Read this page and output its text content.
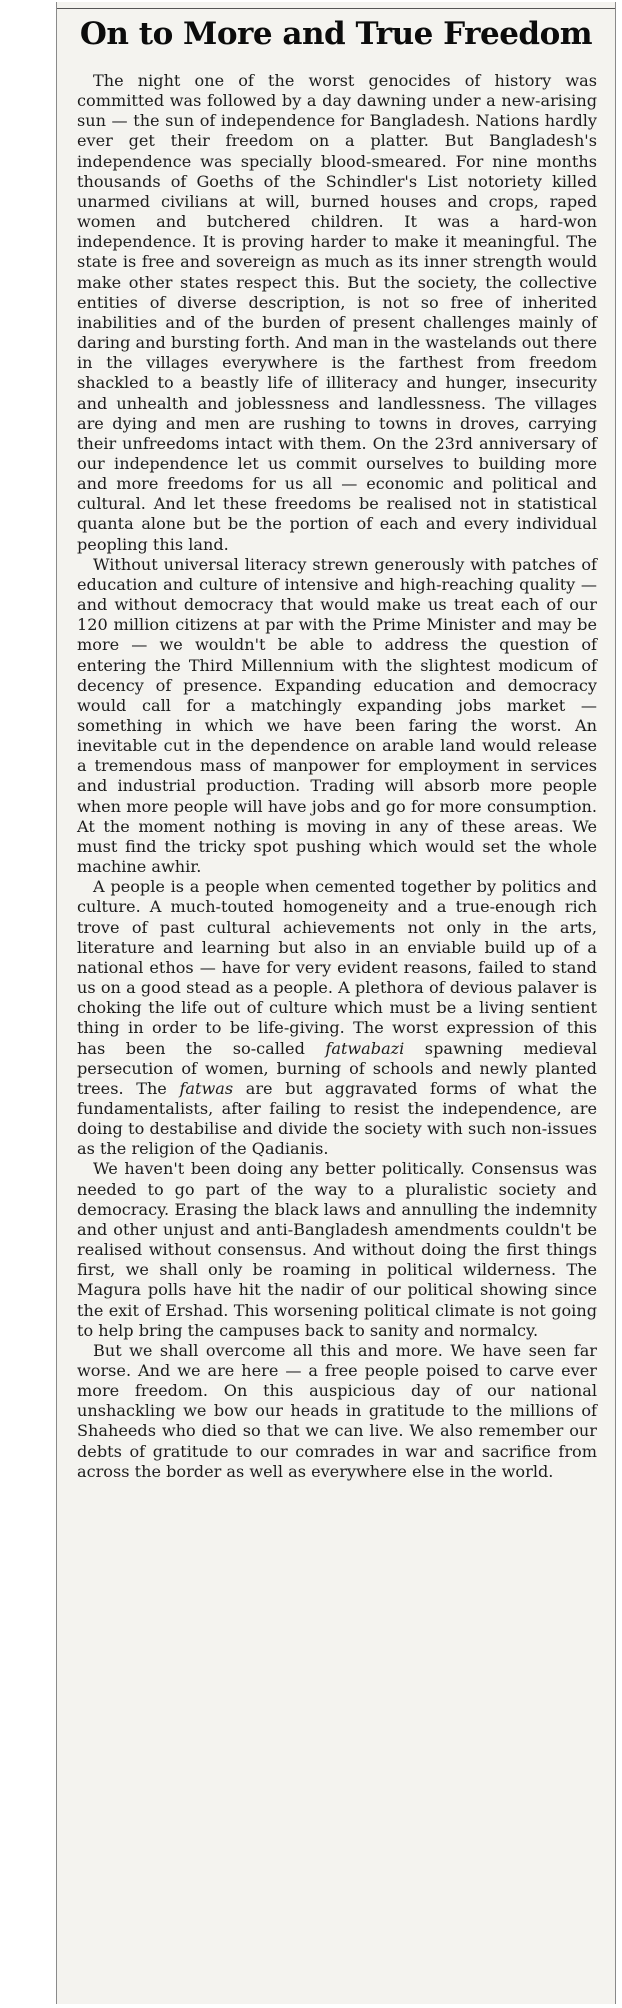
On to More and True Freedom

The night one of the worst genocides of history was committed was followed by a day dawning under a new-arising sun — the sun of independence for Bangladesh. Nations hardly ever get their freedom on a platter. But Bangladesh's independence was specially blood-smeared. For nine months thousands of Goeths of the Schindler's List notoriety killed unarmed civilians at will, burned houses and crops, raped women and butchered children. It was a hard-won independence. It is proving harder to make it meaningful. The state is free and sovereign as much as its inner strength would make other states respect this. But the society, the collective entities of diverse description, is not so free of inherited inabilities and of the burden of present challenges mainly of daring and bursting forth. And man in the wastelands out there in the villages everywhere is the farthest from freedom shackled to a beastly life of illiteracy and hunger, insecurity and unhealth and joblessness and landlessness. The villages are dying and men are rushing to towns in droves, carrying their unfreedoms intact with them. On the 23rd anniversary of our independence let us commit ourselves to building more and more freedoms for us all — economic and political and cultural. And let these freedoms be realised not in statistical quanta alone but be the portion of each and every individual peopling this land.

Without universal literacy strewn generously with patches of education and culture of intensive and high-reaching quality — and without democracy that would make us treat each of our 120 million citizens at par with the Prime Minister and may be more — we wouldn't be able to address the question of entering the Third Millennium with the slightest modicum of decency of presence. Expanding education and democracy would call for a matchingly expanding jobs market — something in which we have been faring the worst. An inevitable cut in the dependence on arable land would release a tremendous mass of manpower for employment in services and industrial production. Trading will absorb more people when more people will have jobs and go for more consumption. At the moment nothing is moving in any of these areas. We must find the tricky spot pushing which would set the whole machine awhir.

A people is a people when cemented together by politics and culture. A much-touted homogeneity and a true-enough rich trove of past cultural achievements not only in the arts, literature and learning but also in an enviable build up of a national ethos — have for very evident reasons, failed to stand us on a good stead as a people. A plethora of devious palaver is choking the life out of culture which must be a living sentient thing in order to be life-giving. The worst expression of this has been the so-called fatwabazi spawning medieval persecution of women, burning of schools and newly planted trees. The fatwas are but aggravated forms of what the fundamentalists, after failing to resist the independence, are doing to destabilise and divide the society with such non-issues as the religion of the Qadianis.

We haven't been doing any better politically. Consensus was needed to go part of the way to a pluralistic society and democracy. Erasing the black laws and annulling the indemnity and other unjust and anti-Bangladesh amendments couldn't be realised without consensus. And without doing the first things first, we shall only be roaming in political wilderness. The Magura polls have hit the nadir of our political showing since the exit of Ershad. This worsening political climate is not going to help bring the campuses back to sanity and normalcy.

But we shall overcome all this and more. We have seen far worse. And we are here — a free people poised to carve ever more freedom. On this auspicious day of our national unshackling we bow our heads in gratitude to the millions of Shaheeds who died so that we can live. We also remember our debts of gratitude to our comrades in war and sacrifice from across the border as well as everywhere else in the world.
